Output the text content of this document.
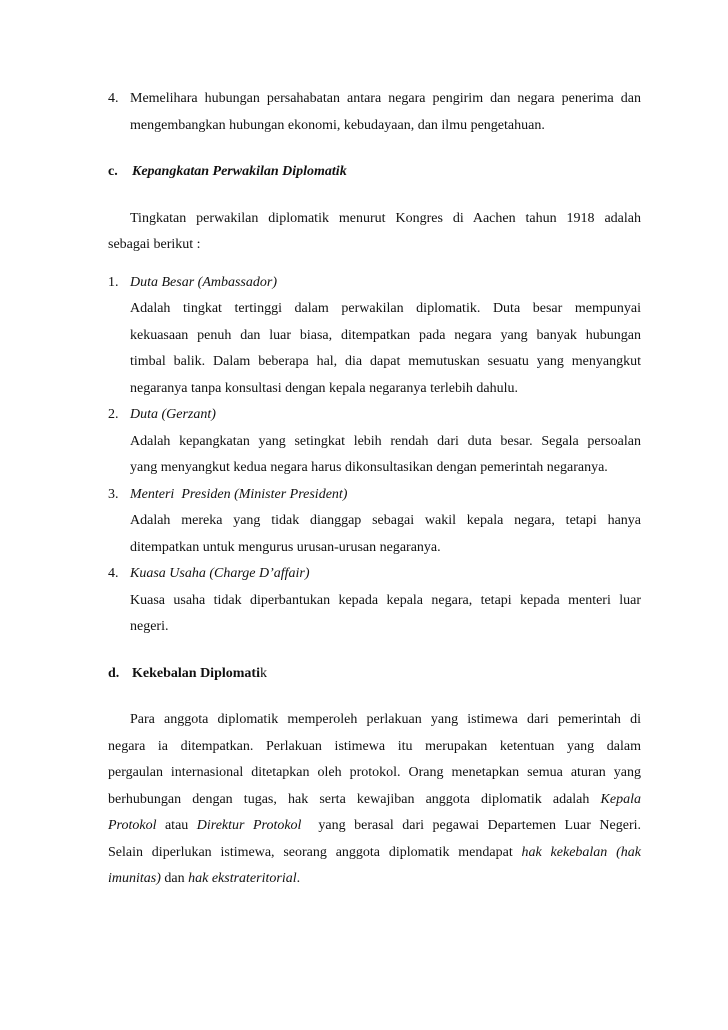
4. Memelihara hubungan persahabatan antara negara pengirim dan negara penerima dan

mengembangkan hubungan ekonomi, kebudayaan, dan ilmu pengetahuan.

c. Kepangkatan Perwakilan Diplomatik

Tingkatan perwakilan diplomatik menurut Kongres di Aachen tahun 1918 adalah

sebagai berikut :

1. Duta Besar (Ambassador)

Adalah tingkat tertinggi dalam perwakilan diplomatik. Duta besar mempunyai

kekuasaan penuh dan luar biasa, ditempatkan pada negara yang banyak hubungan

timbal balik. Dalam beberapa hal, dia dapat memutuskan sesuatu yang menyangkut

negaranya tanpa konsultasi dengan kepala negaranya terlebih dahulu.

2. Duta (Gerzant)

Adalah kepangkatan yang setingkat lebih rendah dari duta besar. Segala persoalan

yang menyangkut kedua negara harus dikonsultasikan dengan pemerintah negaranya.

3. Menteri  Presiden (Minister President)

Adalah mereka yang tidak dianggap sebagai wakil kepala negara, tetapi hanya

ditempatkan untuk mengurus urusan-urusan negaranya.

4. Kuasa Usaha (Charge D’affair)

Kuasa usaha tidak diperbantukan kepada kepala negara, tetapi kepada menteri luar

negeri.

d. Kekebalan Diplomatik

Para anggota diplomatik memperoleh perlakuan yang istimewa dari pemerintah di

negara ia ditempatkan. Perlakuan istimewa itu merupakan ketentuan yang dalam

pergaulan internasional ditetapkan oleh protokol. Orang menetapkan semua aturan yang

berhubungan dengan tugas, hak serta kewajiban anggota diplomatik adalah Kepala

Protokol atau Direktur Protokol  yang berasal dari pegawai Departemen Luar Negeri.

Selain diperlukan istimewa, seorang anggota diplomatik mendapat hak kekebalan (hak

imunitas) dan hak ekstrateritorial.
